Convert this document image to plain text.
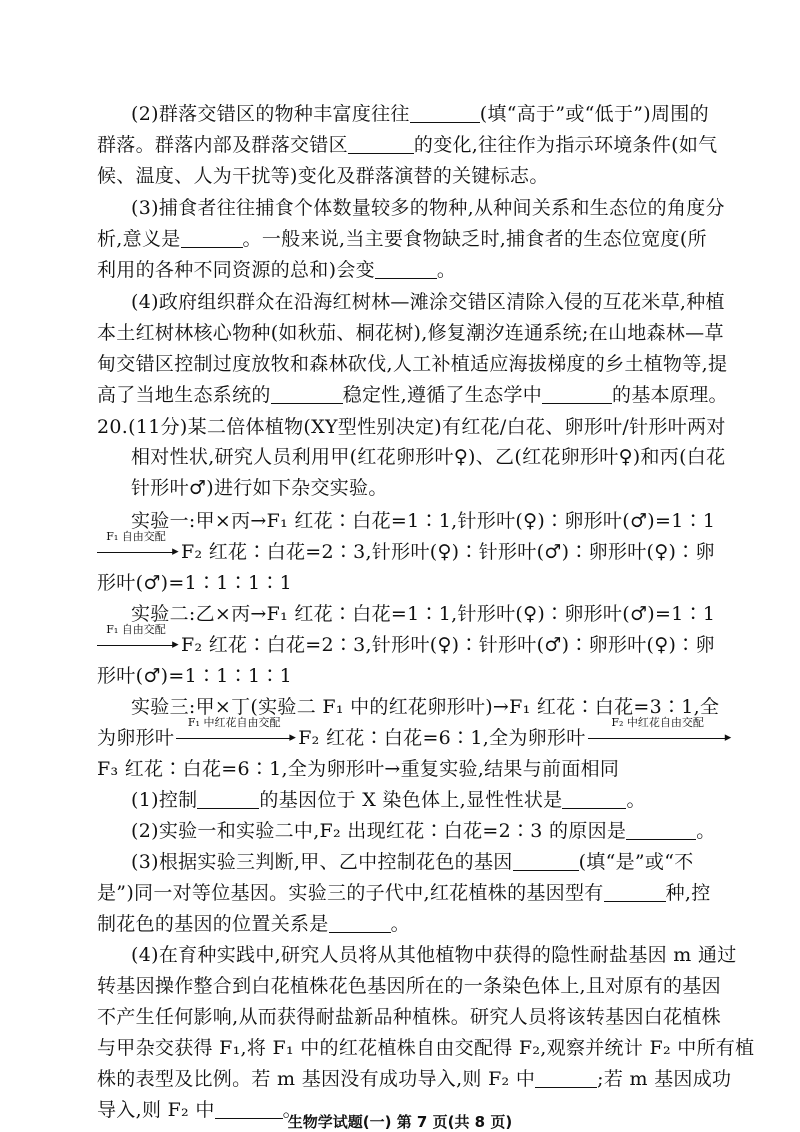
(2)群落交错区的物种丰富度往往	(填“高于”或“低于”)周围的
群落。群落内部及群落交错区	的变化,往往作为指示环境条件(如气
候、温度、人为干扰等)变化及群落演替的关键标志。
(3)捕食者往往捕食个体数量较多的物种,从种间关系和生态位的角度分
析,意义是	。一般来说,当主要食物缺乏时,捕食者的生态位宽度(所
利用的各种不同资源的总和)会变	。
(4)政府组织群众在沿海红树林—滩涂交错区清除入侵的互花米草,种植
本土红树林核心物种(如秋茄、桐花树),修复潮汐连通系统;在山地森林—草
甸交错区控制过度放牧和森林砍伐,人工补植适应海拔梯度的乡土植物等,提
高了当地生态系统的	稳定性,遵循了生态学中	的基本原理。
20.(11分)某二倍体植物(XY型性别决定)有红花/白花、卵形叶/针形叶两对
相对性状,研究人员利用甲(红花卵形叶♀)、乙(红花卵形叶♀)和丙(白花
针形叶♂)进行如下杂交实验。
实验一:甲×丙→F₁ 红花∶白花=1∶1,针形叶(♀)∶卵形叶(♂)=1∶1
F₁ 自由交配
▸ F₂ 红花∶白花=2∶3,针形叶(♀)∶针形叶(♂)∶卵形叶(♀)∶卵
形叶(♂)=1∶1∶1∶1
实验二:乙×丙→F₁ 红花∶白花=1∶1,针形叶(♀)∶卵形叶(♂)=1∶1
F₁ 自由交配
▸ F₂ 红花∶白花=2∶3,针形叶(♀)∶针形叶(♂)∶卵形叶(♀)∶卵
形叶(♂)=1∶1∶1∶1
实验三:甲×丁(实验二 F₁ 中的红花卵形叶)→F₁ 红花∶白花=3∶1,全
为卵形叶
F₁ 中红花自由交配
▸ F₂ 红花∶白花=6∶1,全为卵形叶
F₂ 中红花自由交配
▸
F₃ 红花∶白花=6∶1,全为卵形叶→重复实验,结果与前面相同
(1)控制	的基因位于 X 染色体上,显性性状是	。
(2)实验一和实验二中,F₂ 出现红花∶白花=2∶3 的原因是	。
(3)根据实验三判断,甲、乙中控制花色的基因	(填“是”或“不
是”)同一对等位基因。实验三的子代中,红花植株的基因型有	种,控
制花色的基因的位置关系是	。
(4)在育种实践中,研究人员将从其他植物中获得的隐性耐盐基因 m 通过
转基因操作整合到白花植株花色基因所在的一条染色体上,且对原有的基因
不产生任何影响,从而获得耐盐新品种植株。研究人员将该转基因白花植株
与甲杂交获得 F₁,将 F₁ 中的红花植株自由交配得 F₂,观察并统计 F₂ 中所有植
株的表型及比例。若 m 基因没有成功导入,则 F₂ 中	;若 m 基因成功
导入,则 F₂ 中	。
生物学试题(一) 第 7 页(共 8 页)
